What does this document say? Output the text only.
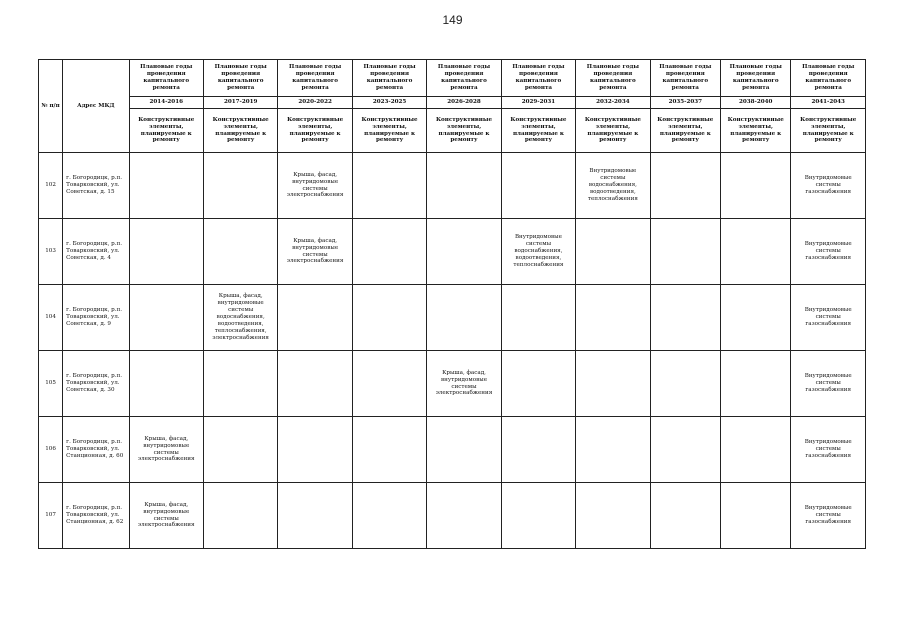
149
№ п/п	Адрес МКД	Плановые годы проведения капитального ремонта	Плановые годы проведения капитального ремонта	Плановые годы проведения капитального ремонта	Плановые годы проведения капитального ремонта	Плановые годы проведения капитального ремонта	Плановые годы проведения капитального ремонта	Плановые годы проведения капитального ремонта	Плановые годы проведения капитального ремонта	Плановые годы проведения капитального ремонта	Плановые годы проведения капитального ремонта
		2014-2016	2017-2019	2020-2022	2023-2025	2026-2028	2029-2031	2032-2034	2035-2037	2038-2040	2041-2043
		Конструктивные элементы, планируемые к ремонту	Конструктивные элементы, планируемые к ремонту	Конструктивные элементы, планируемые к ремонту	Конструктивные элементы, планируемые к ремонту	Конструктивные элементы, планируемые к ремонту	Конструктивные элементы, планируемые к ремонту	Конструктивные элементы, планируемые к ремонту	Конструктивные элементы, планируемые к ремонту	Конструктивные элементы, планируемые к ремонту	Конструктивные элементы, планируемые к ремонту
102	г. Богородицк, р.п. Товарковский, ул. Советская, д. 15			Крыша, фасад, внутридомовые системы электроснабжения				Внутридомовые системы водоснабжения, водоотведения, теплоснабжения			Внутридомовые системы газоснабжения
103	г. Богородицк, р.п. Товарковский, ул. Советская, д. 4			Крыша, фасад, внутридомовые системы электроснабжения			Внутридомовые системы водоснабжения, водоотведения, теплоснабжения				Внутридомовые системы газоснабжения
104	г. Богородицк, р.п. Товарковский, ул. Советская, д. 9		Крыша, фасад, внутридомовые системы водоснабжения, водоотведения, теплоснабжения, электроснабжения								Внутридомовые системы газоснабжения
105	г. Богородицк, р.п. Товарковский, ул. Советская, д. 30					Крыша, фасад, внутридомовые системы электроснабжения					Внутридомовые системы газоснабжения
106	г. Богородицк, р.п. Товарковский, ул. Станционная, д. 60	Крыша, фасад, внутридомовые системы электроснабжения									Внутридомовые системы газоснабжения
107	г. Богородицк, р.п. Товарковский, ул. Станционная, д. 62	Крыша, фасад, внутридомовые системы электроснабжения									Внутридомовые системы газоснабжения
